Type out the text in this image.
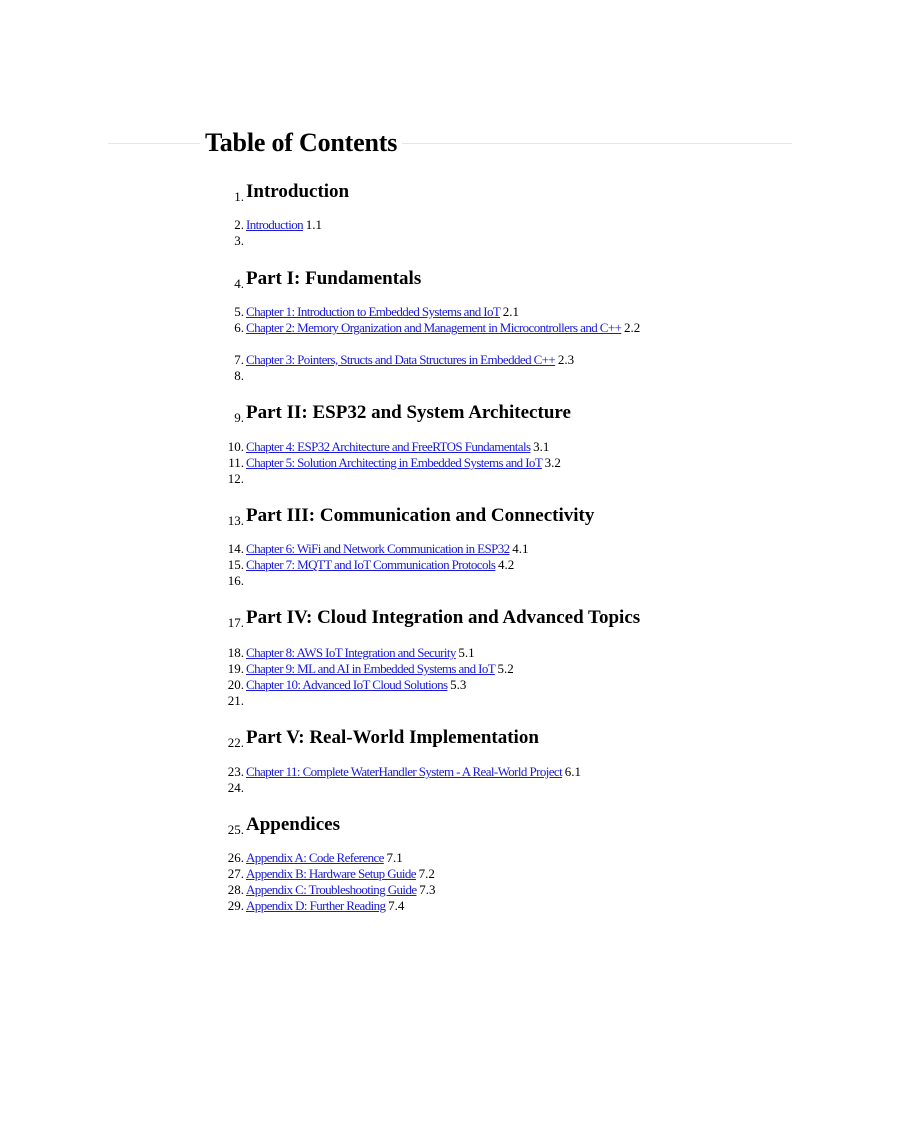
Table of Contents
1. Introduction
2. Introduction 1.1
3.
4. Part I: Fundamentals
5. Chapter 1: Introduction to Embedded Systems and IoT 2.1
6. Chapter 2: Memory Organization and Management in Microcontrollers and C++ 2.2
7. Chapter 3: Pointers, Structs and Data Structures in Embedded C++ 2.3
8.
9. Part II: ESP32 and System Architecture
10. Chapter 4: ESP32 Architecture and FreeRTOS Fundamentals 3.1
11. Chapter 5: Solution Architecting in Embedded Systems and IoT 3.2
12.
13. Part III: Communication and Connectivity
14. Chapter 6: WiFi and Network Communication in ESP32 4.1
15. Chapter 7: MQTT and IoT Communication Protocols 4.2
16.
17. Part IV: Cloud Integration and Advanced Topics
18. Chapter 8: AWS IoT Integration and Security 5.1
19. Chapter 9: ML and AI in Embedded Systems and IoT 5.2
20. Chapter 10: Advanced IoT Cloud Solutions 5.3
21.
22. Part V: Real-World Implementation
23. Chapter 11: Complete WaterHandler System - A Real-World Project 6.1
24.
25. Appendices
26. Appendix A: Code Reference 7.1
27. Appendix B: Hardware Setup Guide 7.2
28. Appendix C: Troubleshooting Guide 7.3
29. Appendix D: Further Reading 7.4
